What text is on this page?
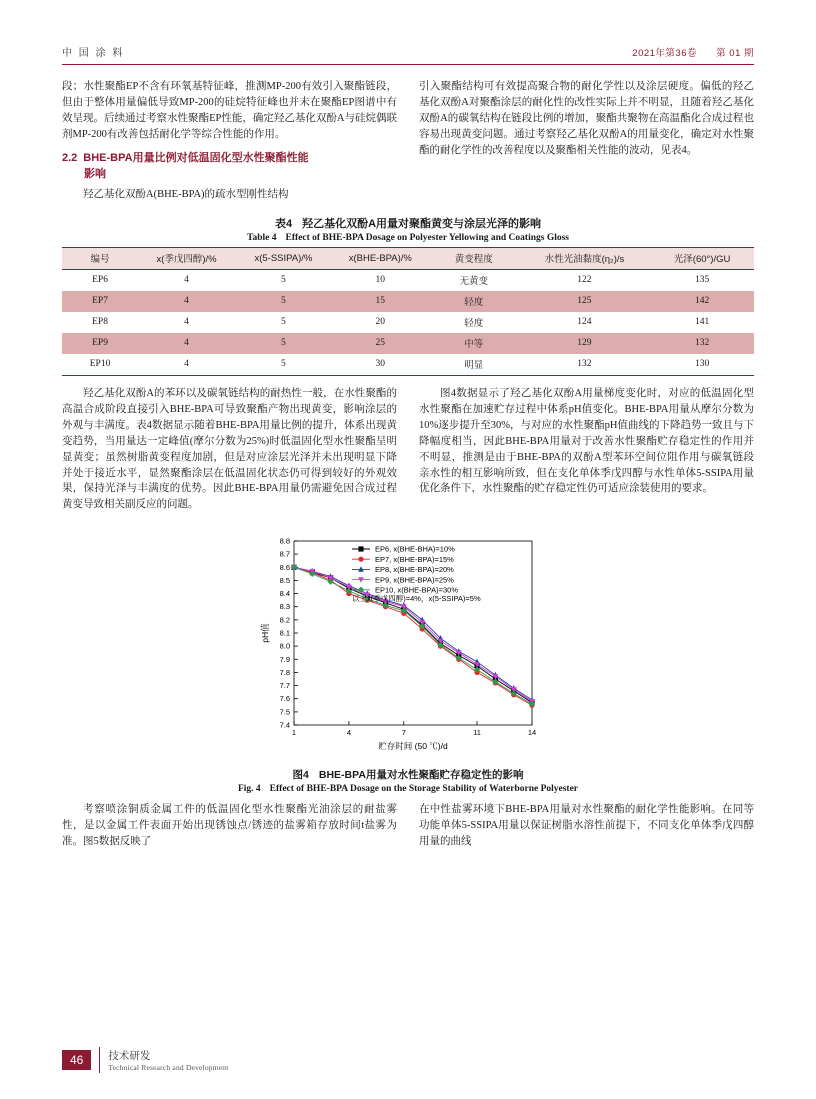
中 国 涂 料	2021年第36卷 第 01 期

段；水性聚酯EP不含有环氧基特征峰，推测MP-200有效引入聚酯链段，但由于整体用量偏低导致MP-200的硅烷特征峰也并未在聚酯EP图谱中有效呈现。后续通过考察水性聚酯EP性能，确定羟乙基化双酚A与硅烷偶联剂MP-200有改善包括耐化学等综合性能的作用。

2.2 BHE-BPA用量比例对低温固化型水性聚酯性能
影响

羟乙基化双酚A(BHE-BPA)的疏水型刚性结构

引入聚酯结构可有效提高聚合物的耐化学性以及涂层硬度。偏低的羟乙基化双酚A对聚酯涂层的耐化性的改性实际上并不明显，且随着羟乙基化双酚A的碳氧结构在链段比例的增加，聚酯共聚物在高温酯化合成过程也容易出现黄变问题。通过考察羟乙基化双酚A的用量变化，确定对水性聚酯的耐化学性的改善程度以及聚酯相关性能的波动，见表4。

表4 羟乙基化双酚A用量对聚酯黄变与涂层光泽的影响
Table 4 Effect of BHE-BPA Dosage on Polyester Yellowing and Coatings Gloss
编号	x(季戊四醇)/%	x(5-SSIPA)/%	x(BHE-BPA)/%	黄变程度	水性光油黏度(η₂)/s	光泽(60°)/GU
EP6	4	5	10	无黄变	122	135
EP7	4	5	15	轻度	125	142
EP8	4	5	20	轻度	124	141
EP9	4	5	25	中等	129	132
EP10	4	5	30	明显	132	130

羟乙基化双酚A的苯环以及碳氧链结构的耐热性一般，在水性聚酯的高温合成阶段直接引入BHE-BPA可导致聚酯产物出现黄变，影响涂层的外观与丰满度。表4数据显示随着BHE-BPA用量比例的提升，体系出现黄变趋势，当用量达一定峰值(摩尔分数为25%)时低温固化型水性聚酯呈明显黄变；虽然树脂黄变程度加剧，但是对应涂层光泽并未出现明显下降并处于接近水平，显然聚酯涂层在低温固化状态仍可得到较好的外观效果，保持光泽与丰满度的优势。因此BHE-BPA用量仍需避免因合成过程黄变导致相关副反应的问题。

图4数据显示了羟乙基化双酚A用量梯度变化时，对应的低温固化型水性聚酯在加速贮存过程中体系pH值变化。BHE-BPA用量从摩尔分数为10%逐步提升至30%，与对应的水性聚酯pH值曲线的下降趋势一致且与下降幅度相当，因此BHE-BPA用量对于改善水性聚酯贮存稳定性的作用并不明显，推测是由于BHE-BPA的双酚A型苯环空间位阻作用与碳氧链段亲水性的相互影响所致，但在支化单体季戊四醇与水性单体5-SSIPA用量优化条件下，水性聚酯的贮存稳定性仍可适应涂装使用的要求。

7.4
7.5
7.6
7.7
7.8
7.9
8.0
8.1
8.2
8.3
8.4
8.5
8.6
8.7
8.8
1	4	7	11	14
贮存时间 (50 ℃)/d
pH值
EP6, x(BHE-BHA)=10%
EP7, x(BHE-BPA)=15%
EP8, x(BHE-BPA)=20%
EP9, x(BHE-BPA)=25%
EP10, x(BHE-BPA)=30%
以上x(季戊四醇)=4%，x(5-SSIPA)=5%
图4 BHE-BPA用量对水性聚酯贮存稳定性的影响
Fig. 4 Effect of BHE-BPA Dosage on the Storage Stability of Waterborne Polyester

考察喷涂铜质金属工件的低温固化型水性聚酯光油涂层的耐盐雾性，是以金属工件表面开始出现锈蚀点/锈迹的盐雾箱存放时间t盐雾为准。图5数据反映了

在中性盐雾环境下BHE-BPA用量对水性聚酯的耐化学性能影响。在同等功能单体5-SSIPA用量以保证树脂水溶性前提下，不同支化单体季戊四醇用量的曲线

46	技术研发
Technical Research and Development
